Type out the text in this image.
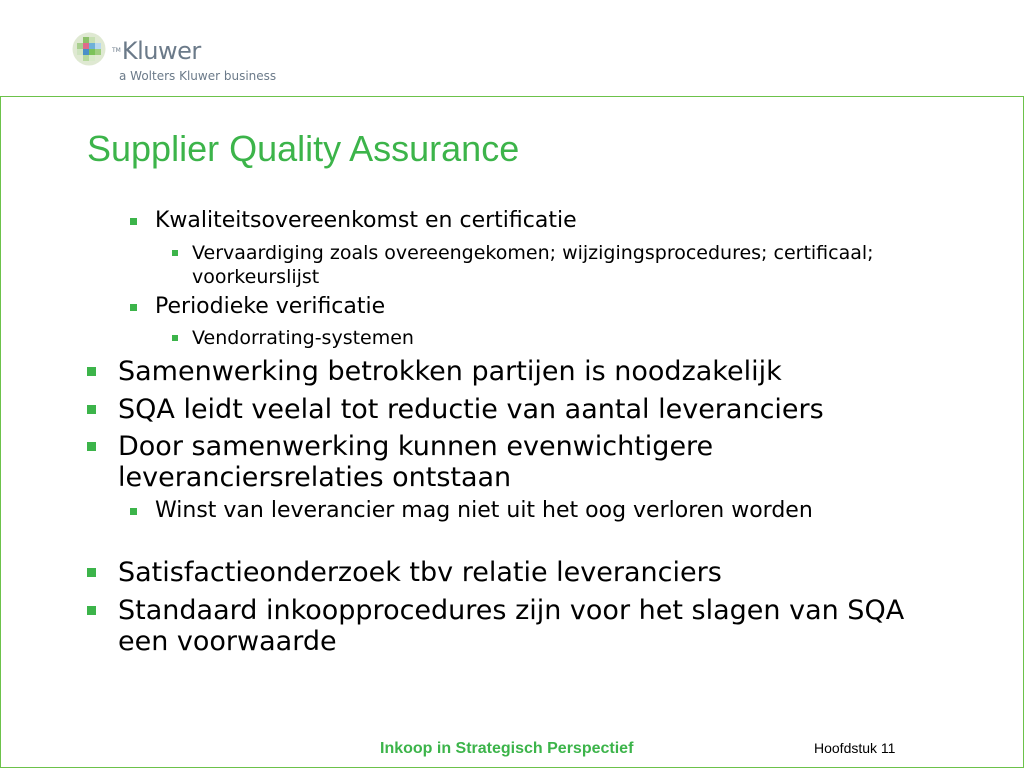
TMKluwer
a Wolters Kluwer business
Supplier Quality Assurance
Kwaliteitsovereenkomst en certificatie
Vervaardiging zoals overeengekomen; wijzigingsprocedures; certificaal; voorkeurslijst
Periodieke verificatie
Vendorrating-systemen
Samenwerking betrokken partijen is noodzakelijk
SQA leidt veelal tot reductie van aantal leveranciers
Door samenwerking kunnen evenwichtigere leveranciersrelaties ontstaan
Winst van leverancier mag niet uit het oog verloren worden
Satisfactieonderzoek tbv relatie leveranciers
Standaard inkoopprocedures zijn voor het slagen van SQA een voorwaarde
Inkoop in Strategisch Perspectief	Hoofdstuk 11
